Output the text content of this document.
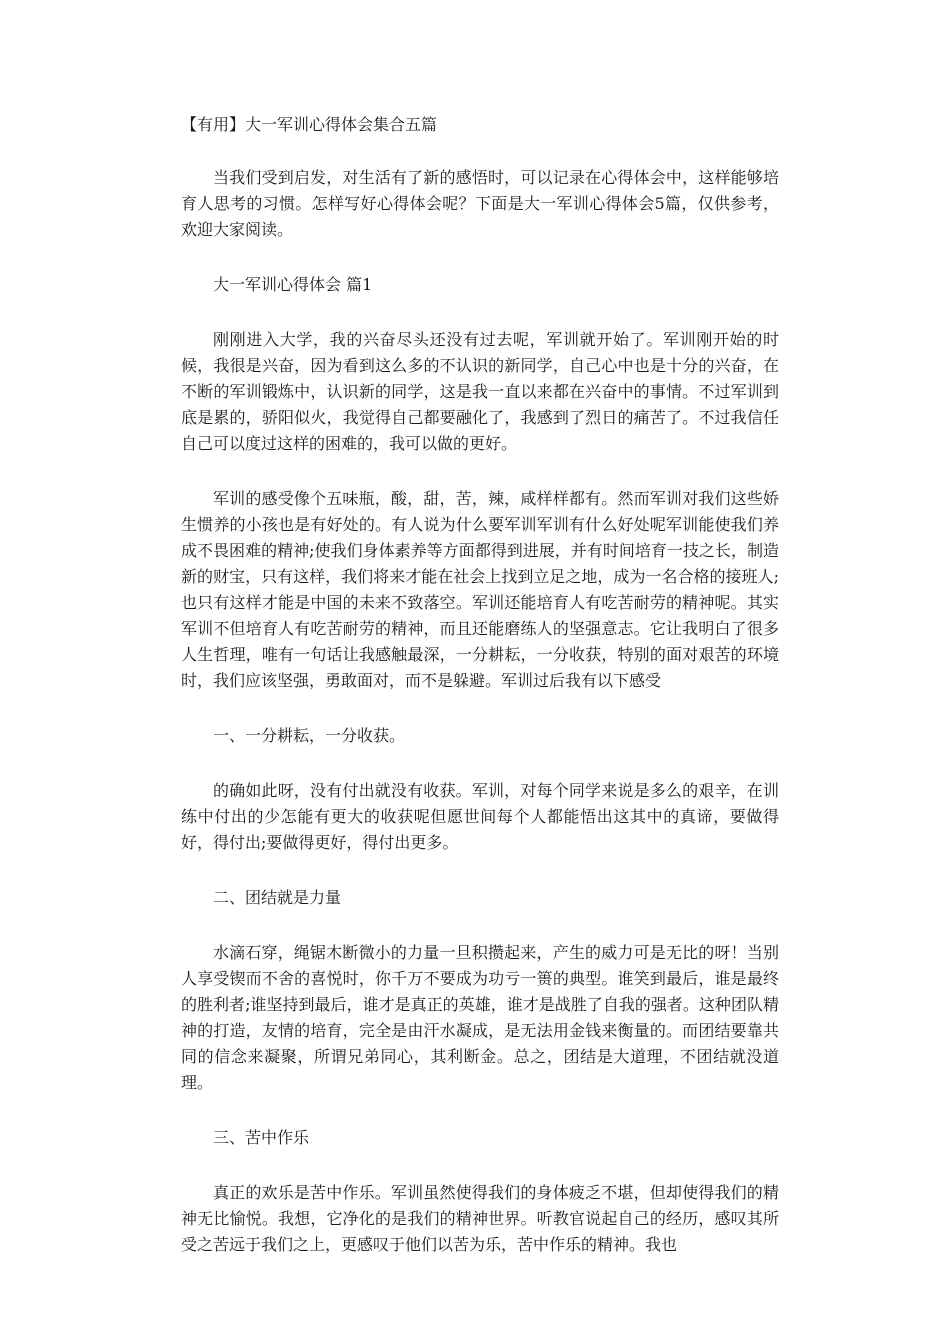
【有用】大一军训心得体会集合五篇

当我们受到启发，对生活有了新的感悟时，可以记录在心得体会中，这样能够培育人思考的习惯。怎样写好心得体会呢？下面是大一军训心得体会5篇，仅供参考，欢迎大家阅读。

大一军训心得体会 篇1

刚刚进入大学，我的兴奋尽头还没有过去呢，军训就开始了。军训刚开始的时候，我很是兴奋，因为看到这么多的不认识的新同学，自己心中也是十分的兴奋，在不断的军训锻炼中，认识新的同学，这是我一直以来都在兴奋中的事情。不过军训到底是累的，骄阳似火，我觉得自己都要融化了，我感到了烈日的痛苦了。不过我信任自己可以度过这样的困难的，我可以做的更好。

军训的感受像个五味瓶，酸，甜，苦，辣，咸样样都有。然而军训对我们这些娇生惯养的小孩也是有好处的。有人说为什么要军训军训有什么好处呢军训能使我们养成不畏困难的精神;使我们身体素养等方面都得到进展，并有时间培育一技之长，制造新的财宝，只有这样，我们将来才能在社会上找到立足之地，成为一名合格的接班人;也只有这样才能是中国的未来不致落空。军训还能培育人有吃苦耐劳的精神呢。其实军训不但培育人有吃苦耐劳的精神，而且还能磨练人的坚强意志。它让我明白了很多人生哲理，唯有一句话让我感触最深，一分耕耘，一分收获，特别的面对艰苦的环境时，我们应该坚强，勇敢面对，而不是躲避。军训过后我有以下感受

一、一分耕耘，一分收获。

的确如此呀，没有付出就没有收获。军训，对每个同学来说是多么的艰辛，在训练中付出的少怎能有更大的收获呢但愿世间每个人都能悟出这其中的真谛，要做得好，得付出;要做得更好，得付出更多。

二、团结就是力量

水滴石穿，绳锯木断微小的力量一旦积攒起来，产生的威力可是无比的呀！当别人享受锲而不舍的喜悦时，你千万不要成为功亏一篑的典型。谁笑到最后，谁是最终的胜利者;谁坚持到最后，谁才是真正的英雄，谁才是战胜了自我的强者。这种团队精神的打造，友情的培育，完全是由汗水凝成，是无法用金钱来衡量的。而团结要靠共同的信念来凝聚，所谓兄弟同心，其利断金。总之，团结是大道理，不团结就没道理。

三、苦中作乐

真正的欢乐是苦中作乐。军训虽然使得我们的身体疲乏不堪，但却使得我们的精神无比愉悦。我想，它净化的是我们的精神世界。听教官说起自己的经历，感叹其所受之苦远于我们之上，更感叹于他们以苦为乐，苦中作乐的精神。我也
